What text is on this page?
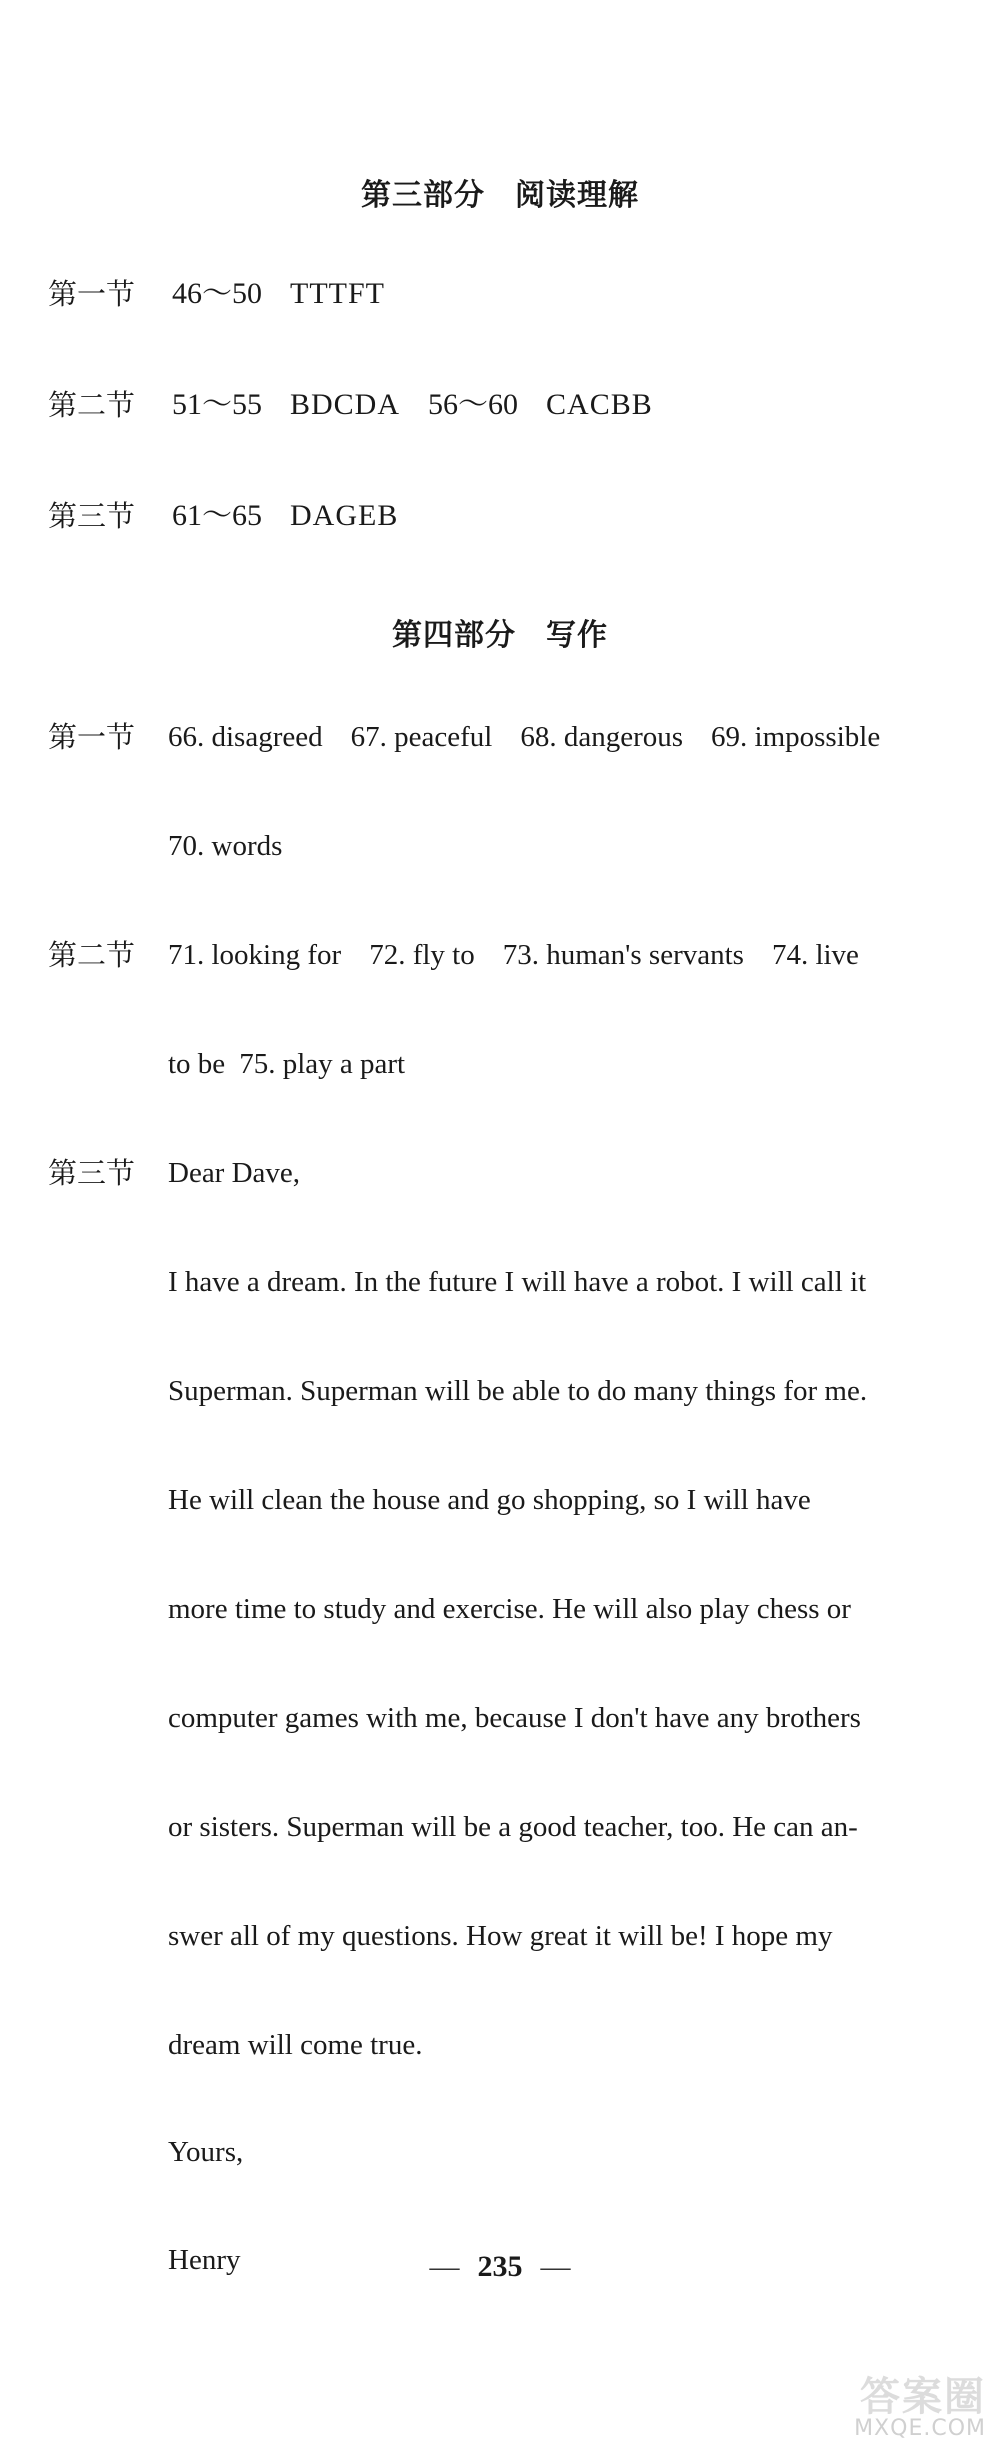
第三部分 阅读理解
第一节 46～50 TTTFT
第二节 51～55 BDCDA 56～60 CACBB
第三节 61～65 DAGEB
第四部分 写作
第一节 66. disagreed 67. peaceful 68. dangerous 69. impossible
70. words
第二节 71. looking for 72. fly to 73. human's servants 74. live
to be 75. play a part
第三节 Dear Dave,
I have a dream. In the future I will have a robot. I will call it
Superman. Superman will be able to do many things for me.
He will clean the house and go shopping, so I will have
more time to study and exercise. He will also play chess or
computer games with me, because I don't have any brothers
or sisters. Superman will be a good teacher, too. He can an-
swer all of my questions. How great it will be! I hope my
dream will come true.
Yours,
Henry	— 235 —
答案圈
MXQE.COM
